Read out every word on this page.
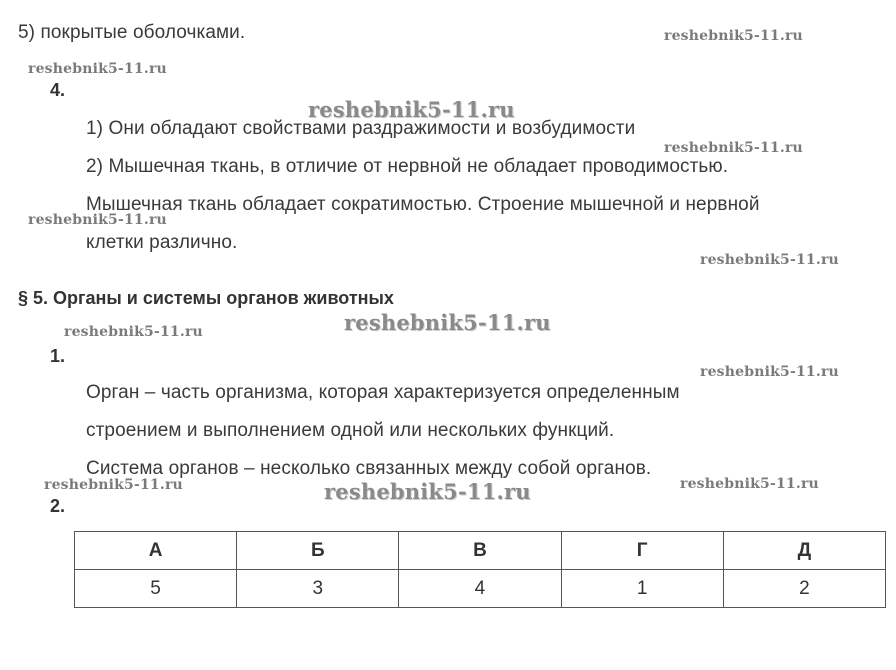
5) покрытые оболочками.
4.
1) Они обладают свойствами раздражимости и возбудимости
2) Мышечная ткань, в отличие от нервной не обладает проводимостью.
Мышечная ткань обладает сократимостью. Строение мышечной и нервной
клетки различно.
§ 5. Органы и системы органов животных
1.
Орган – часть организма, которая характеризуется определенным
строением и выполнением одной или нескольких функций.
Система органов – несколько связанных между собой органов.
2.
А	Б	В	Г	Д
5	3	4	1	2
reshebnik5-11.ru
reshebnik5-11.ru
reshebnik5-11.ru
reshebnik5-11.ru
reshebnik5-11.ru
reshebnik5-11.ru
reshebnik5-11.ru
reshebnik5-11.ru
reshebnik5-11.ru
reshebnik5-11.ru	reshebnik5-11.ru	reshebnik5-11.ru
